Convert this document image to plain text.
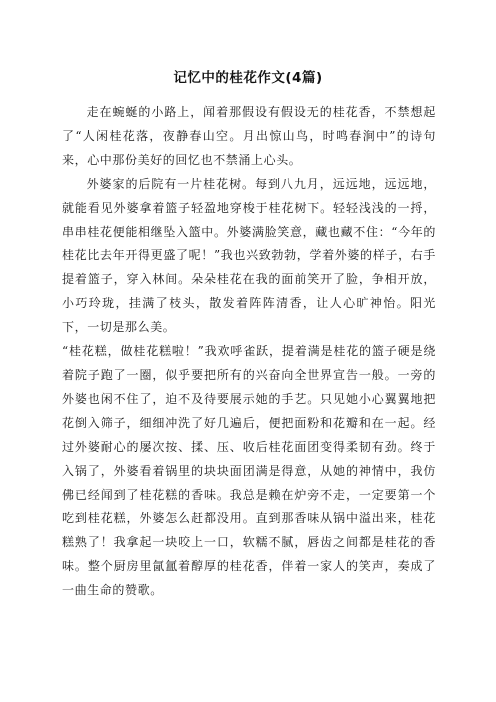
记忆中的桂花作文(4篇)

走在蜿蜒的小路上，闻着那假设有假设无的桂花香，不禁想起了“人闲桂花落，夜静春山空。月出惊山鸟，时鸣春涧中”的诗句来，心中那份美好的回忆也不禁涌上心头。

外婆家的后院有一片桂花树。每到八九月，远远地，远远地，就能看见外婆拿着篮子轻盈地穿梭于桂花树下。轻轻浅浅的一捋，串串桂花便能相继坠入篮中。外婆满脸笑意，藏也藏不住：“今年的桂花比去年开得更盛了呢！”我也兴致勃勃，学着外婆的样子，右手提着篮子，穿入林间。朵朵桂花在我的面前笑开了脸，争相开放，小巧玲珑，挂满了枝头，散发着阵阵清香，让人心旷神怡。阳光下，一切是那么美。

“桂花糕，做桂花糕啦！”我欢呼雀跃，提着满是桂花的篮子硬是绕着院子跑了一圈，似乎要把所有的兴奋向全世界宣告一般。一旁的外婆也闲不住了，迫不及待要展示她的手艺。只见她小心翼翼地把花倒入筛子，细细冲洗了好几遍后，便把面粉和花瓣和在一起。经过外婆耐心的屡次按、揉、压、收后桂花面团变得柔韧有劲。终于入锅了，外婆看着锅里的块块面团满是得意，从她的神情中，我仿佛已经闻到了桂花糕的香味。我总是赖在炉旁不走，一定要第一个吃到桂花糕，外婆怎么赶都没用。直到那香味从锅中溢出来，桂花糕熟了！我拿起一块咬上一口，软糯不腻，唇齿之间都是桂花的香味。整个厨房里氤氲着醇厚的桂花香，伴着一家人的笑声，奏成了一曲生命的赞歌。
